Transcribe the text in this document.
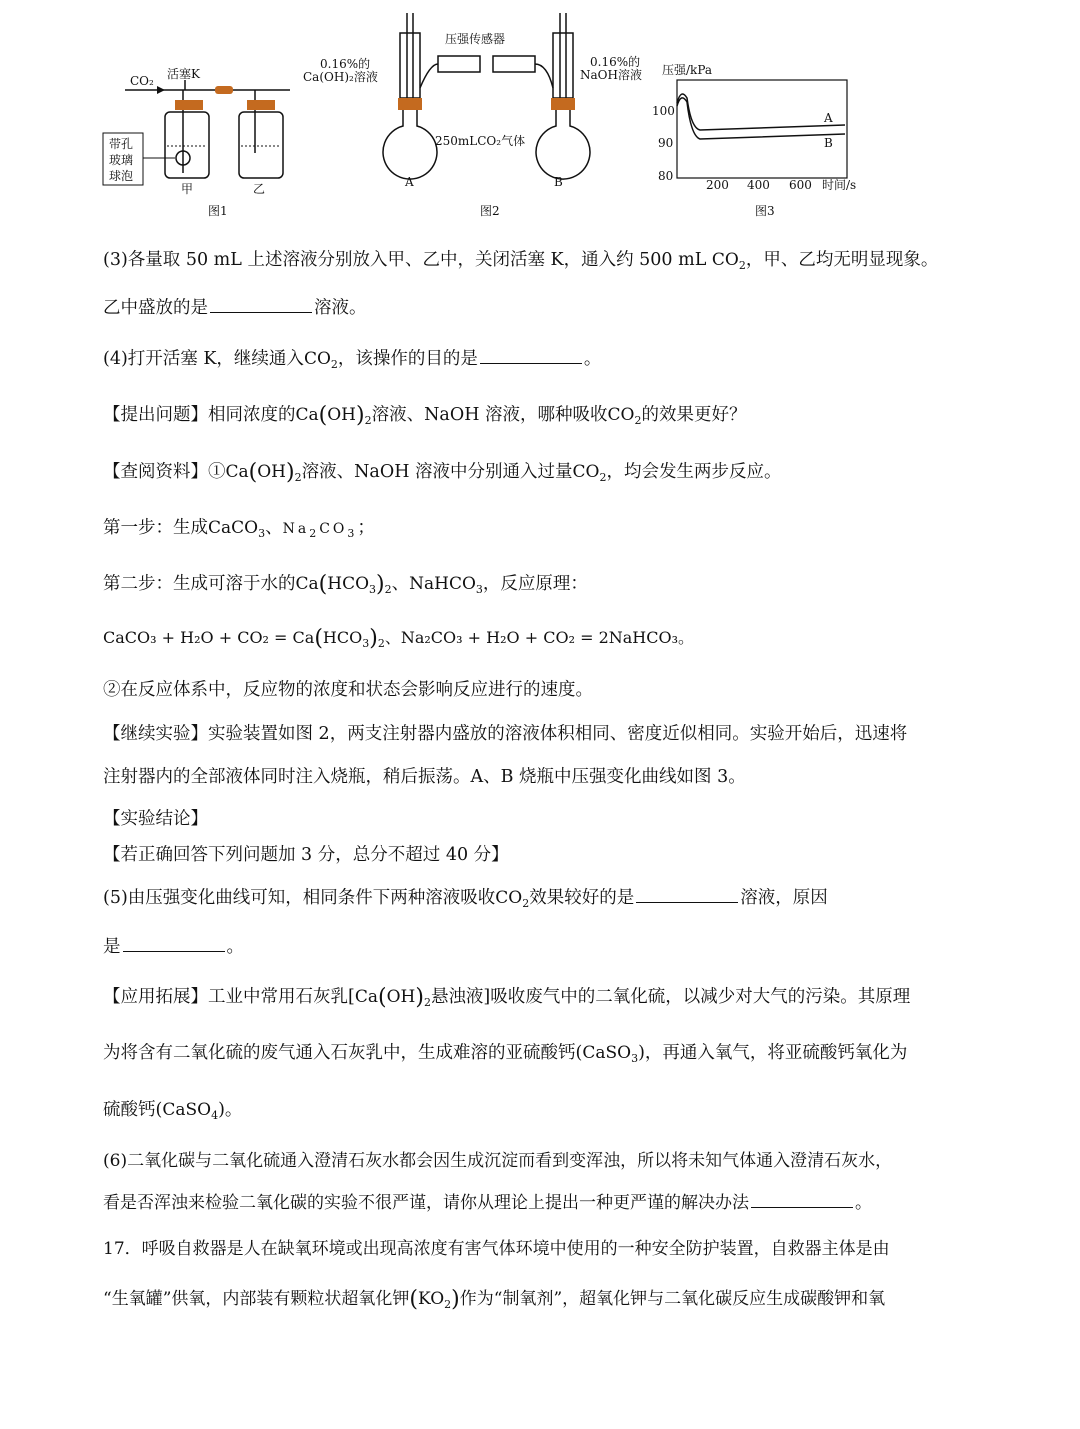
CO₂ 活塞K
带孔
玻璃
球泡
甲	乙
图1
压强传感器
0.16%的
Ca(OH)₂溶液
0.16%的
NaOH溶液
250mLCO₂气体
A	B
图2
压强/kPa
100
90
80
200 400 600 时间/s
A
B
图3
(3)各量取 50 mL 上述溶液分别放入甲、乙中，关闭活塞 K，通入约 500 mL $CO_2$，甲、乙均无明显现象。
乙中盛放的是	溶液。
(4)打开活塞 K，继续通入$CO_2$，该操作的目的是	。
【提出问题】相同浓度的$Ca(OH)_2$溶液、NaOH 溶液，哪种吸收$CO_2$的效果更好？
【查阅资料】$①Ca(OH)_2$溶液、NaOH 溶液中分别通入过量$CO_2$，均会发生两步反应。
第一步：生成CaCO$_3$、$Na_2CO_3$；
第二步：生成可溶于水的$Ca(HCO_3)_2$、NaHCO$_3$，反应原理：
CaCO₃ + $H_2O + CO_2 = Ca(HCO_3)_2$、Na₂CO₃ + H₂O + CO₂ = 2NaHCO₃。
②在反应体系中，反应物的浓度和状态会影响反应进行的速度。
【继续实验】实验装置如图 2，两支注射器内盛放的溶液体积相同、密度近似相同。实验开始后，迅速将
注射器内的全部液体同时注入烧瓶，稍后振荡。A、B 烧瓶中压强变化曲线如图 3。
【实验结论】
【若正确回答下列问题加 3 分，总分不超过 40 分】
(5)由压强变化曲线可知，相同条件下两种溶液吸收$CO_2$效果较好的是	溶液，原因
是	。
【应用拓展】工业中常用石灰乳[$Ca(OH)_2$悬浊液]吸收废气中的二氧化硫，以减少对大气的污染。其原理
为将含有二氧化硫的废气通入石灰乳中，生成难溶的亚硫酸钙(CaSO$_3$)，再通入氧气，将亚硫酸钙氧化为
硫酸钙(CaSO$_4$)。
(6)二氧化碳与二氧化硫通入澄清石灰水都会因生成沉淀而看到变浑浊，所以将未知气体通入澄清石灰水，
看是否浑浊来检验二氧化碳的实验不很严谨，请你从理论上提出一种更严谨的解决办法	。
17．呼吸自救器是人在缺氧环境或出现高浓度有害气体环境中使用的一种安全防护装置，自救器主体是由
“生氧罐”供氧，内部装有颗粒状超氧化钾$(KO_2)$作为“制氧剂”，超氧化钾与二氧化碳反应生成碳酸钾和氧
